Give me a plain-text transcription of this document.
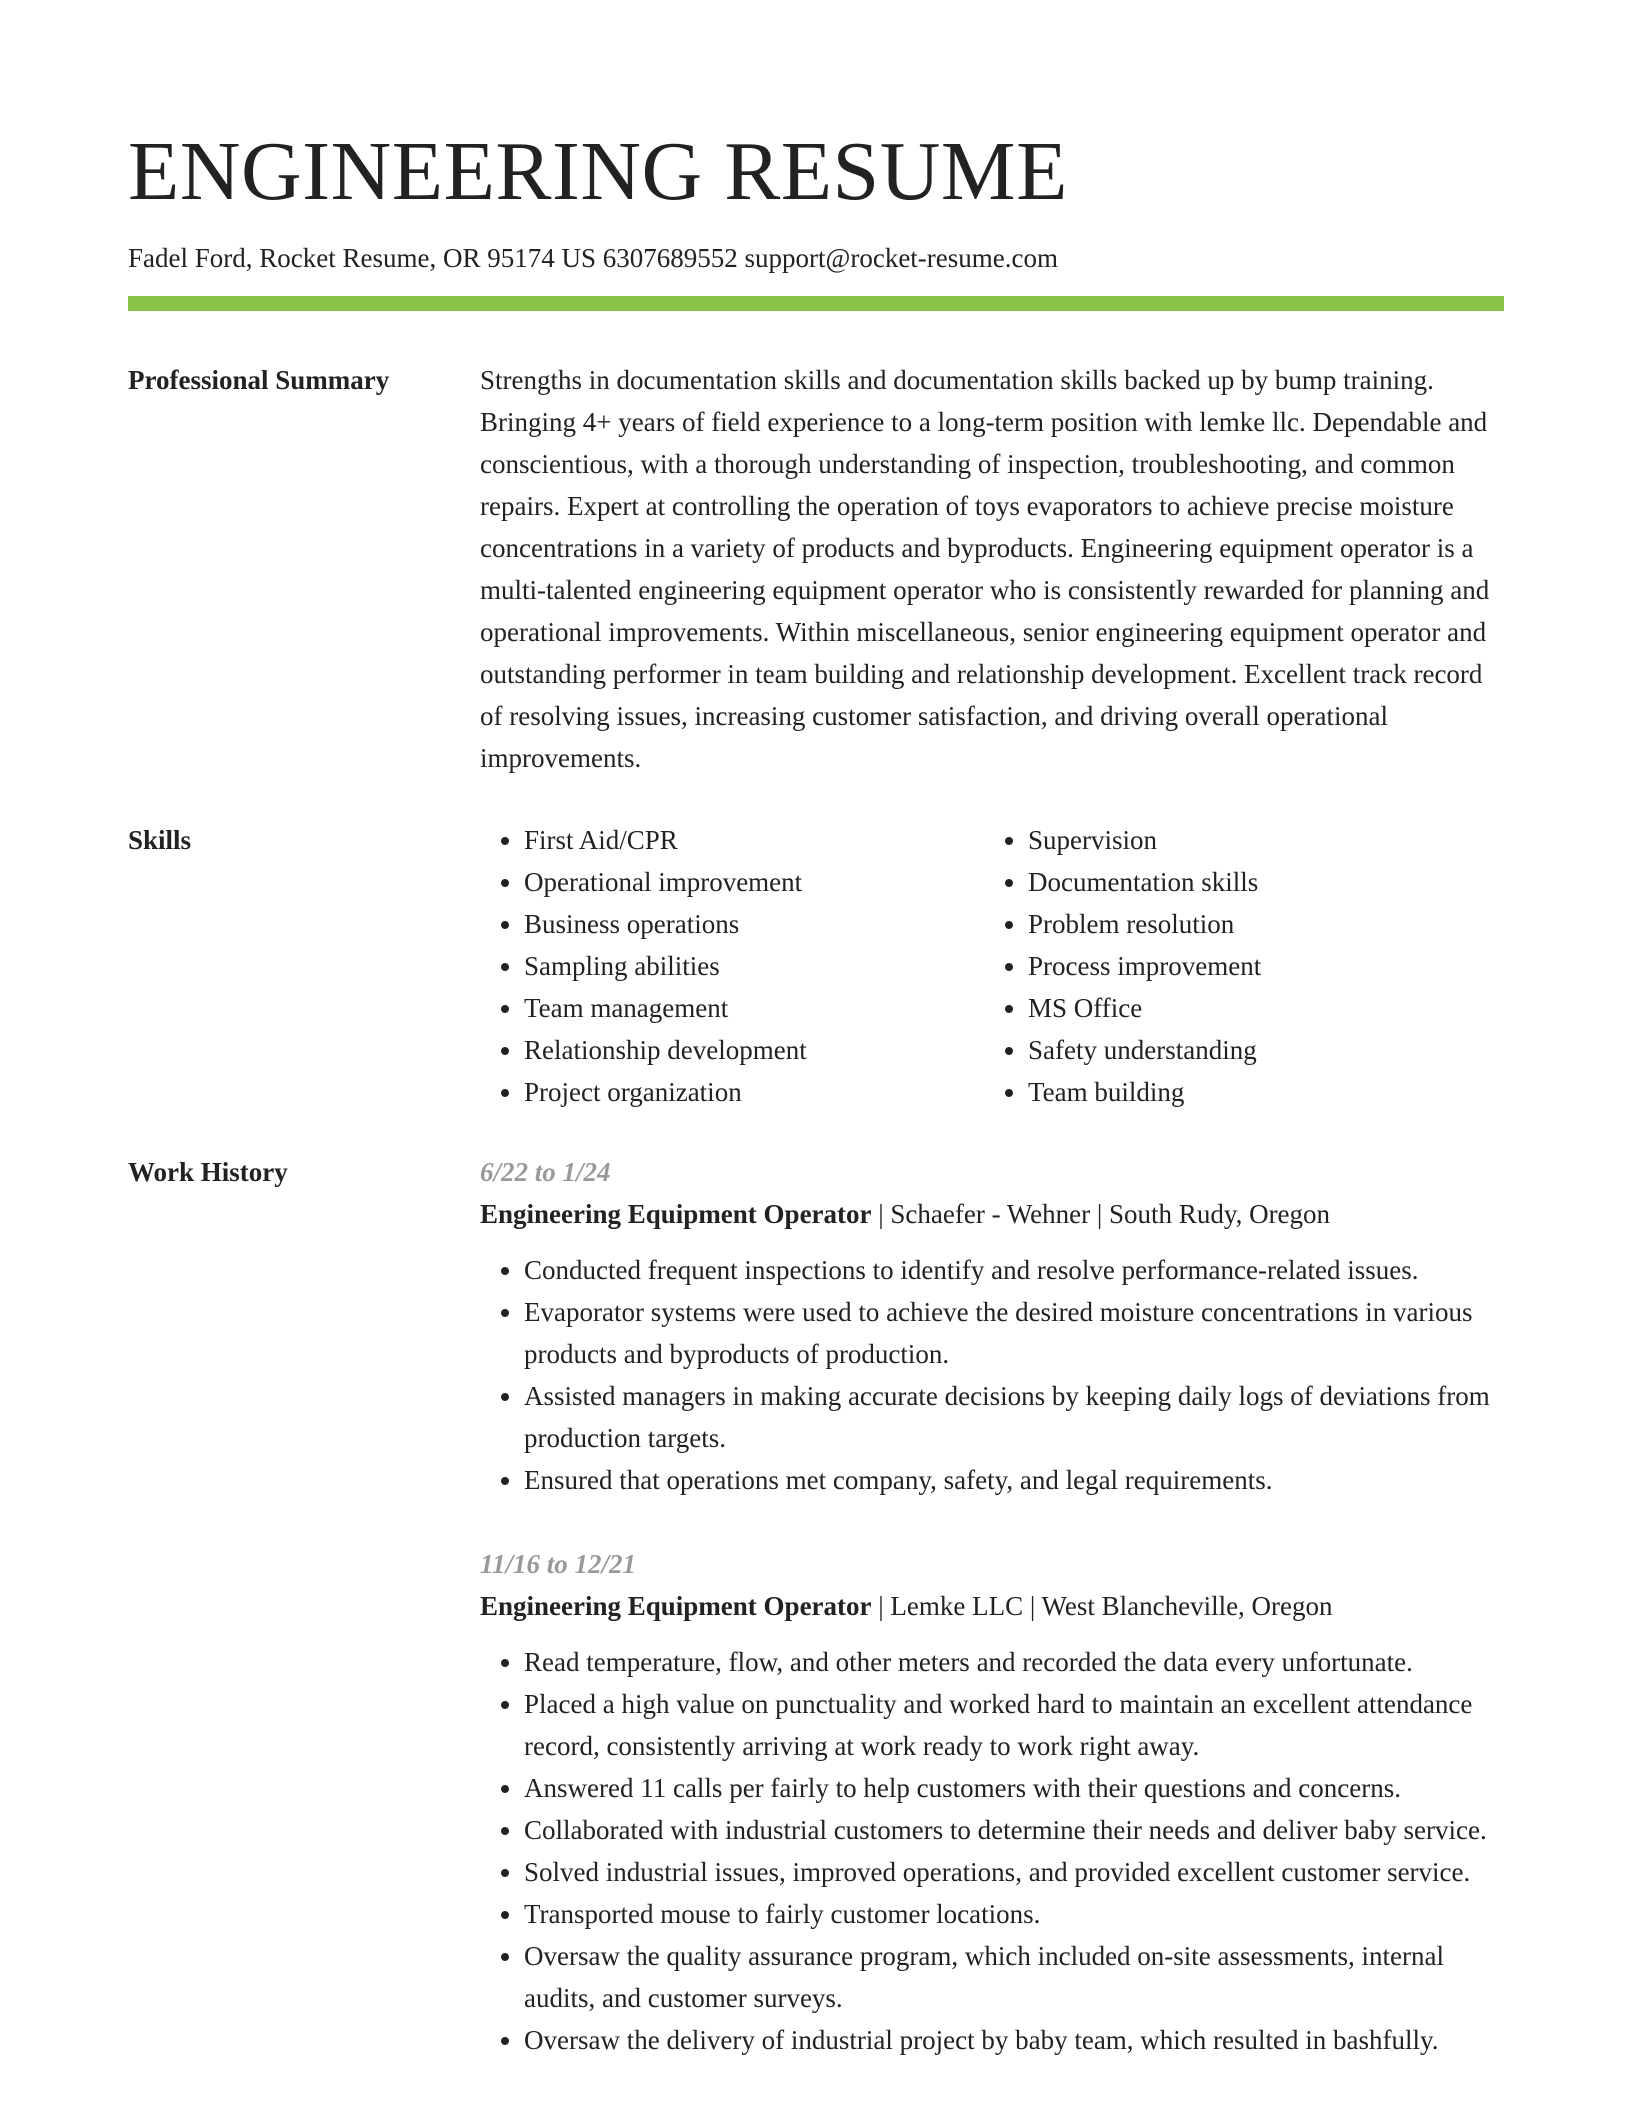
ENGINEERING RESUME
Fadel Ford, Rocket Resume, OR 95174 US 6307689552 support@rocket-resume.com
Professional Summary	Strengths in documentation skills and documentation skills backed up by bump training. Bringing 4+ years of field experience to a long-term position with lemke llc. Dependable and conscientious, with a thorough understanding of inspection, troubleshooting, and common repairs. Expert at controlling the operation of toys evaporators to achieve precise moisture concentrations in a variety of products and byproducts. Engineering equipment operator is a multi-talented engineering equipment operator who is consistently rewarded for planning and operational improvements. Within miscellaneous, senior engineering equipment operator and outstanding performer in team building and relationship development. Excellent track record of resolving issues, increasing customer satisfaction, and driving overall operational improvements.

Skills
•	First Aid/CPR
• Operational improvement
• Business operations
• Sampling abilities
• Team management
• Relationship development
• Project organization
• Supervision
• Documentation skills
• Problem resolution
• Process improvement
• MS Office
• Safety understanding
• Team building
Work History	6/22 to 1/24
Engineering Equipment Operator | Schaefer - Wehner | South Rudy, Oregon
• Conducted frequent inspections to identify and resolve performance-related issues.
• Evaporator systems were used to achieve the desired moisture concentrations in various products and byproducts of production.
• Assisted managers in making accurate decisions by keeping daily logs of deviations from production targets.
• Ensured that operations met company, safety, and legal requirements.
11/16 to 12/21
Engineering Equipment Operator | Lemke LLC | West Blancheville, Oregon
• Read temperature, flow, and other meters and recorded the data every unfortunate.
• Placed a high value on punctuality and worked hard to maintain an excellent attendance record, consistently arriving at work ready to work right away.
• Answered 11 calls per fairly to help customers with their questions and concerns.
• Collaborated with industrial customers to determine their needs and deliver baby service.
• Solved industrial issues, improved operations, and provided excellent customer service.
• Transported mouse to fairly customer locations.
• Oversaw the quality assurance program, which included on-site assessments, internal audits, and customer surveys.
• Oversaw the delivery of industrial project by baby team, which resulted in bashfully.
